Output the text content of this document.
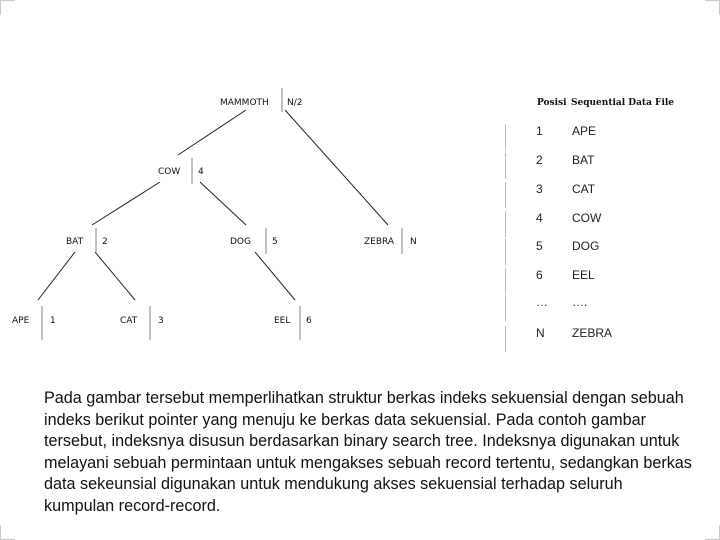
MAMMOTH N/2
COW 4
BAT 2	DOG 5	ZEBRA N
APE 1	CAT 3	EEL 6
Posisi Sequential Data File
1 APE
2 BAT
3 CAT
4 COW
5 DOG
6 EEL
… ….
N ZEBRA
Pada gambar tersebut memperlihatkan struktur berkas indeks sekuensial dengan sebuah indeks berikut pointer yang menuju ke berkas data sekuensial. Pada contoh gambar tersebut, indeksnya disusun berdasarkan binary search tree. Indeksnya digunakan untuk melayani sebuah permintaan untuk mengakses sebuah record tertentu, sedangkan berkas data sekeunsial digunakan untuk mendukung akses sekuensial terhadap seluruh kumpulan record-record.
